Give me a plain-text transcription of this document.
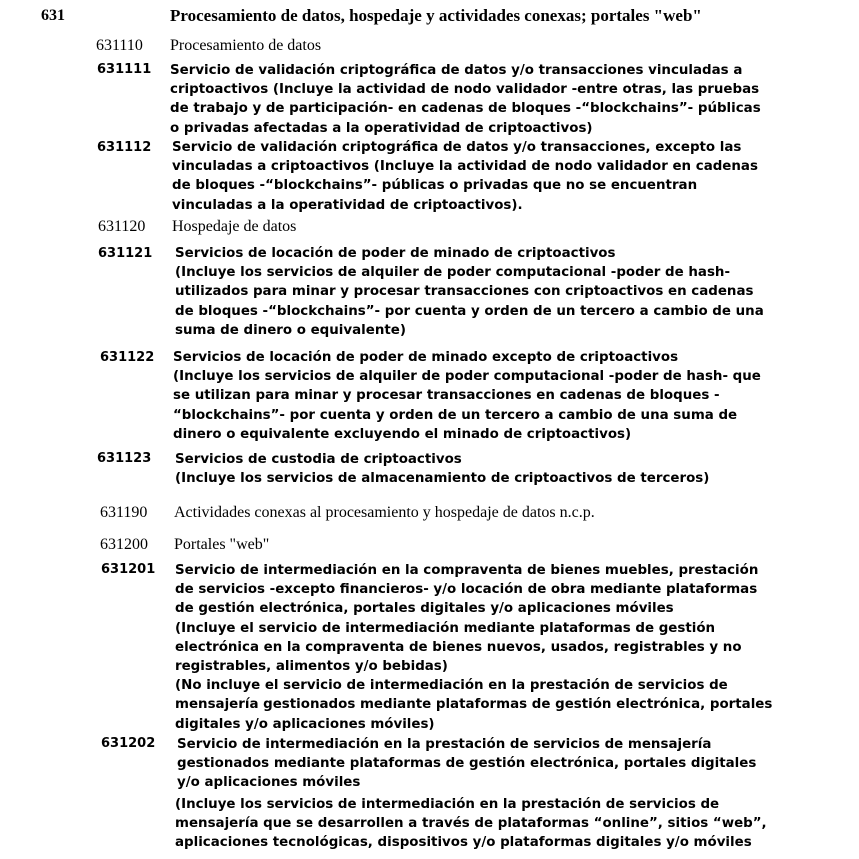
631	Procesamiento de datos, hospedaje y actividades conexas; portales "web"
631110 Procesamiento de datos
631111 Servicio de validación criptográfica de datos y/o transacciones vinculadas a
criptoactivos (Incluye la actividad de nodo validador -entre otras, las pruebas
de trabajo y de participación- en cadenas de bloques -“blockchains”- públicas
o privadas afectadas a la operatividad de criptoactivos)
631112 Servicio de validación criptográfica de datos y/o transacciones, excepto las
vinculadas a criptoactivos (Incluye la actividad de nodo validador en cadenas
de bloques -“blockchains”- públicas o privadas que no se encuentran
vinculadas a la operatividad de criptoactivos).
631120 Hospedaje de datos
631121 Servicios de locación de poder de minado de criptoactivos
(Incluye los servicios de alquiler de poder computacional -poder de hash-
utilizados para minar y procesar transacciones con criptoactivos en cadenas
de bloques -“blockchains”- por cuenta y orden de un tercero a cambio de una
suma de dinero o equivalente)
631122 Servicios de locación de poder de minado excepto de criptoactivos
(Incluye los servicios de alquiler de poder computacional -poder de hash- que
se utilizan para minar y procesar transacciones en cadenas de bloques -
“blockchains”- por cuenta y orden de un tercero a cambio de una suma de
dinero o equivalente excluyendo el minado de criptoactivos)
631123 Servicios de custodia de criptoactivos
(Incluye los servicios de almacenamiento de criptoactivos de terceros)
631190 Actividades conexas al procesamiento y hospedaje de datos n.c.p.
631200 Portales "web"
631201 Servicio de intermediación en la compraventa de bienes muebles, prestación
de servicios -excepto financieros- y/o locación de obra mediante plataformas
de gestión electrónica, portales digitales y/o aplicaciones móviles
(Incluye el servicio de intermediación mediante plataformas de gestión
electrónica en la compraventa de bienes nuevos, usados, registrables y no
registrables, alimentos y/o bebidas)
(No incluye el servicio de intermediación en la prestación de servicios de
mensajería gestionados mediante plataformas de gestión electrónica, portales
digitales y/o aplicaciones móviles)
631202 Servicio de intermediación en la prestación de servicios de mensajería
gestionados mediante plataformas de gestión electrónica, portales digitales
y/o aplicaciones móviles
(Incluye los servicios de intermediación en la prestación de servicios de
mensajería que se desarrollen a través de plataformas “online”, sitios “web”,
aplicaciones tecnológicas, dispositivos y/o plataformas digitales y/o móviles
